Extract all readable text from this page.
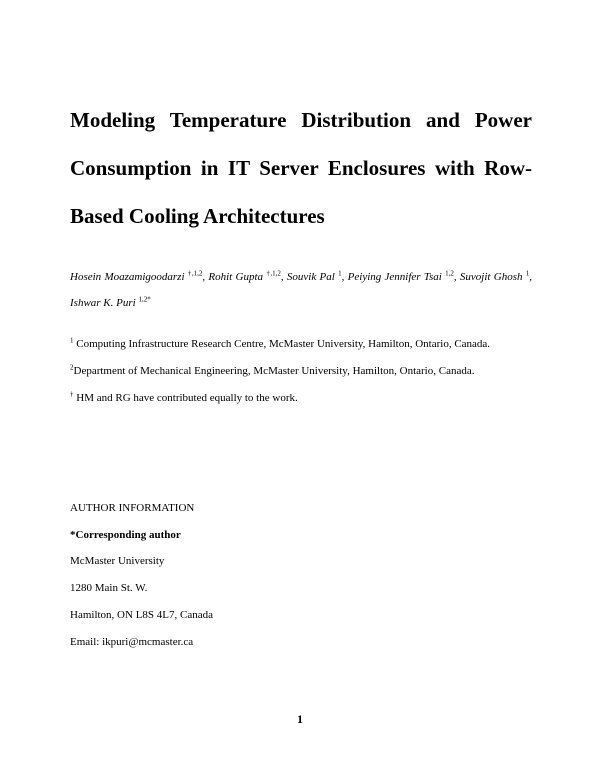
Modeling Temperature Distribution and Power
Consumption in IT Server Enclosures with Row-
Based Cooling Architectures

Hosein Moazamigoodarzi $^{\dagger,1,2}$, Rohit Gupta $^{\dagger,1,2}$, Souvik Pal $^1$, Peiying Jennifer Tsai $^{1,2}$, Suvojit Ghosh $^1$, Ishwar K. Puri $^{1,2*}$

$^1$ Computing Infrastructure Research Centre, McMaster University, Hamilton, Ontario, Canada.

$^2$Department of Mechanical Engineering, McMaster University, Hamilton, Ontario, Canada.

† HM and RG have contributed equally to the work.

AUTHOR INFORMATION

*Corresponding author

McMaster University

1280 Main St. W.

Hamilton, ON L8S 4L7, Canada

Email: ikpuri@mcmaster.ca

1
